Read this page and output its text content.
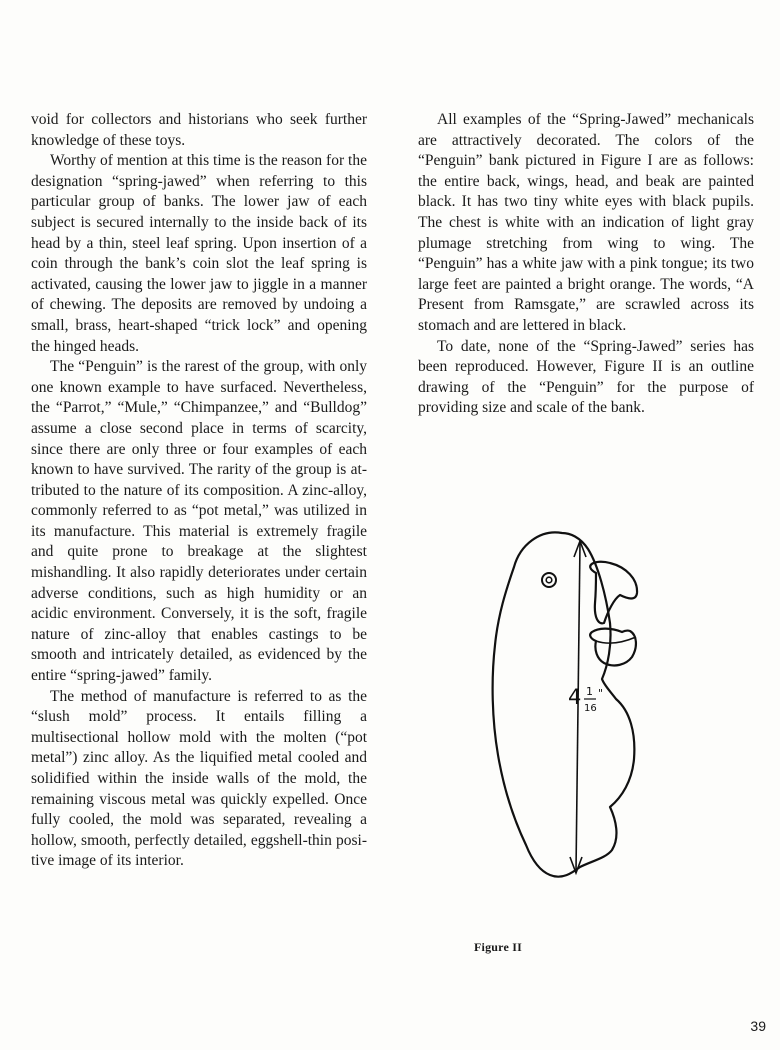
void for collectors and historians who seek further knowledge of these toys.

Worthy of mention at this time is the reason for the designation “spring-jawed” when referring to this particular group of banks. The lower jaw of each subject is secured internally to the inside back of its head by a thin, steel leaf spring. Upon insertion of a coin through the bank’s coin slot the leaf spring is activated, causing the lower jaw to jiggle in a manner of chewing. The deposits are removed by undoing a small, brass, heart-shaped “trick lock” and opening the hinged heads.

The “Penguin” is the rarest of the group, with only one known example to have surfaced. Nevertheless, the “Parrot,” “Mule,” “Chimpanzee,” and “Bulldog” assume a close second place in terms of scarcity, since there are only three or four examples of each known to have survived. The rarity of the group is attributed to the nature of its composition. A zinc-alloy, commonly referred to as “pot metal,” was utilized in its manufacture. This material is extremely fragile and quite prone to breakage at the slightest mishandling. It also rapidly deteriorates under certain adverse conditions, such as high humidity or an acidic environment. Conversely, it is the soft, fragile nature of zinc-alloy that enables castings to be smooth and intricately detailed, as evidenced by the entire “spring-jawed” family.

The method of manufacture is referred to as the “slush mold” process. It entails filling a multisectional hollow mold with the molten (“pot metal”) zinc alloy. As the liquified metal cooled and solidified within the inside walls of the mold, the remaining viscous metal was quickly expelled. Once fully cooled, the mold was separated, revealing a hollow, smooth, perfectly detailed, eggshell-thin positive image of its interior.

All examples of the “Spring-Jawed” mechanicals are attractively decorated. The colors of the “Penguin” bank pictured in Figure I are as follows: the entire back, wings, head, and beak are painted black. It has two tiny white eyes with black pupils. The chest is white with an indication of light gray plumage stretching from wing to wing. The “Penguin” has a white jaw with a pink tongue; its two large feet are painted a bright orange. The words, “A Present from Ramsgate,” are scrawled across its stomach and are lettered in black.

To date, none of the “Spring-Jawed” series has been reproduced. However, Figure II is an outline drawing of the “Penguin” for the purpose of providing size and scale of the bank.

4 1
16
"
Figure II
39
